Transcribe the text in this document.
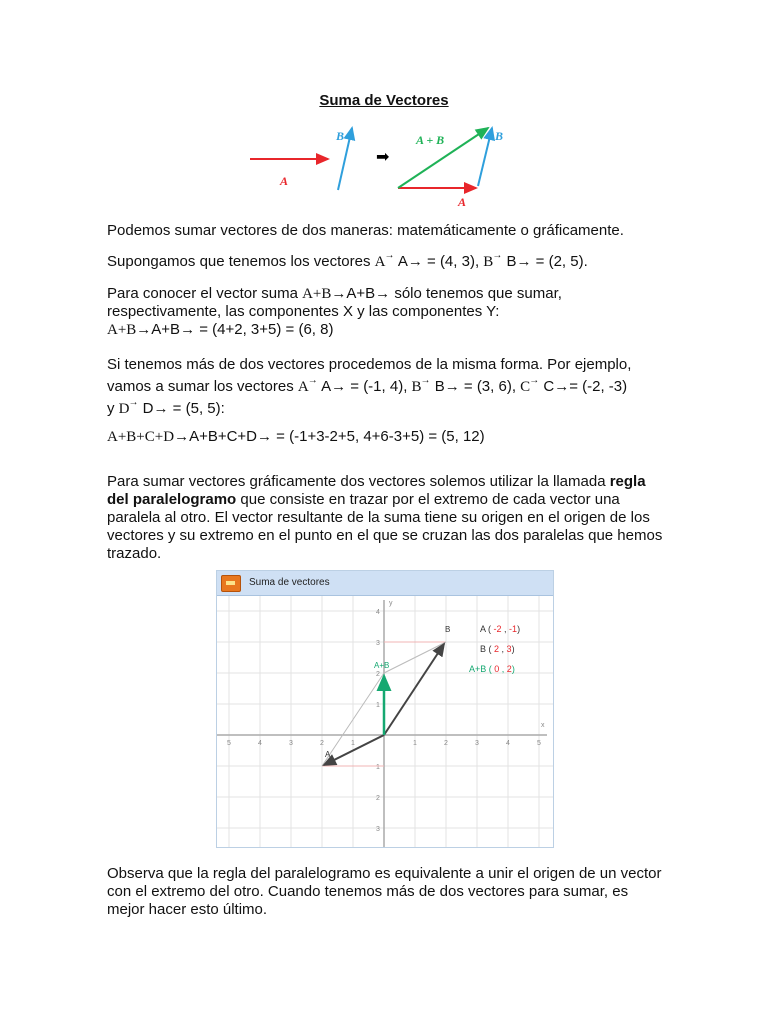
Suma de Vectores
B
A
➡
A + B	B
A
Podemos sumar vectores de dos maneras: matemáticamente o gráficamente.
Supongamos que tenemos los vectores A→ A→ = (4, 3), B→ B→ = (2, 5).
Para conocer el vector suma A+B→A+B→ sólo tenemos que sumar, respectivamente, las componentes X y las componentes Y:
A+B→A+B→ = (4+2, 3+5) = (6, 8)
Si tenemos más de dos vectores procedemos de la misma forma. Por ejemplo, vamos a sumar los vectores A→ A→ = (-1, 4), B→ B→ = (3, 6), C→ C→= (-2, -3)
y D→ D→ = (5, 5):
A+B+C+D→A+B+C+D→ = (-1+3-2+5, 4+6-3+5) = (5, 12)
Para sumar vectores gráficamente dos vectores solemos utilizar la llamada regla del paralelogramo que consiste en trazar por el extremo de cada vector una paralela al otro. El vector resultante de la suma tiene su origen en el origen de los vectores y su extremo en el punto en el que se cruzan las dos paralelas que hemos trazado.
Suma de vectores
x
y
5	4	3	2	1	1	2	3	4	5
4
3
2
1
1
2
3
A
B
A+B
A ( -2 , -1)
B ( 2 , 3)
A+B ( 0 , 2)
Observa que la regla del paralelogramo es equivalente a unir el origen de un vector con el extremo del otro. Cuando tenemos más de dos vectores para sumar, es mejor hacer esto último.
